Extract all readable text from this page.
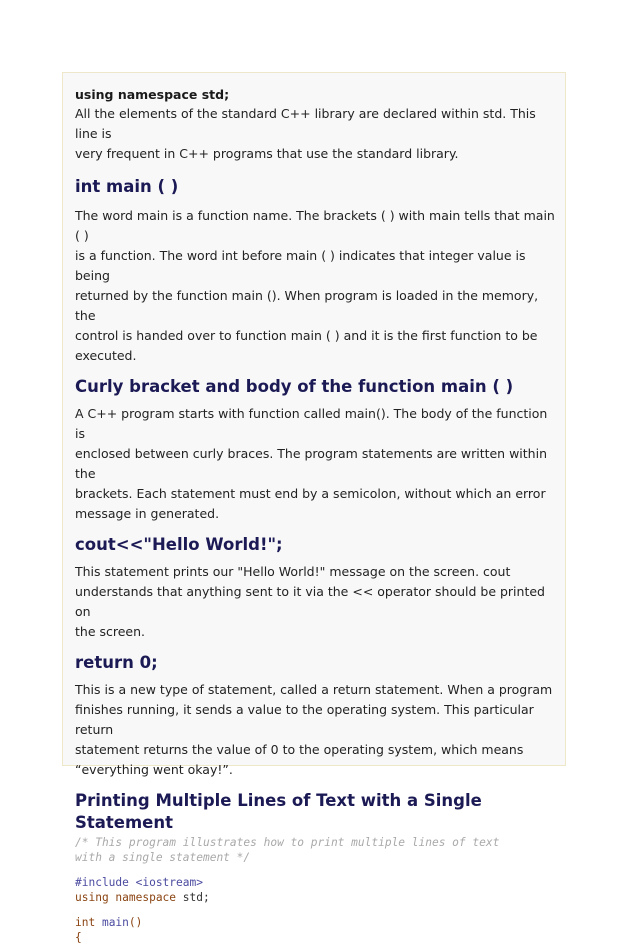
using namespace std;

All the elements of the standard C++ library are declared within std. This line is

very frequent in C++ programs that use the standard library.

int main ( )

The word main is a function name. The brackets ( ) with main tells that main ( )

is a function. The word int before main ( ) indicates that integer value is being

returned by the function main (). When program is loaded in the memory, the

control is handed over to function main ( ) and it is the first function to be

executed.

Curly bracket and body of the function main ( )

A C++ program starts with function called main(). The body of the function is

enclosed between curly braces. The program statements are written within the

brackets. Each statement must end by a semicolon, without which an error

message in generated.

cout<<"Hello World!";

This statement prints our "Hello World!" message on the screen. cout

understands that anything sent to it via the << operator should be printed on

the screen.

return 0;

This is a new type of statement, called a return statement. When a program

finishes running, it sends a value to the operating system. This particular return

statement returns the value of 0 to the operating system, which means

“everything went okay!”.

Printing Multiple Lines of Text with a Single Statement

/* This program illustrates how to print multiple lines of text

with a single statement */

#include <iostream>

using namespace std;

int main()

{
